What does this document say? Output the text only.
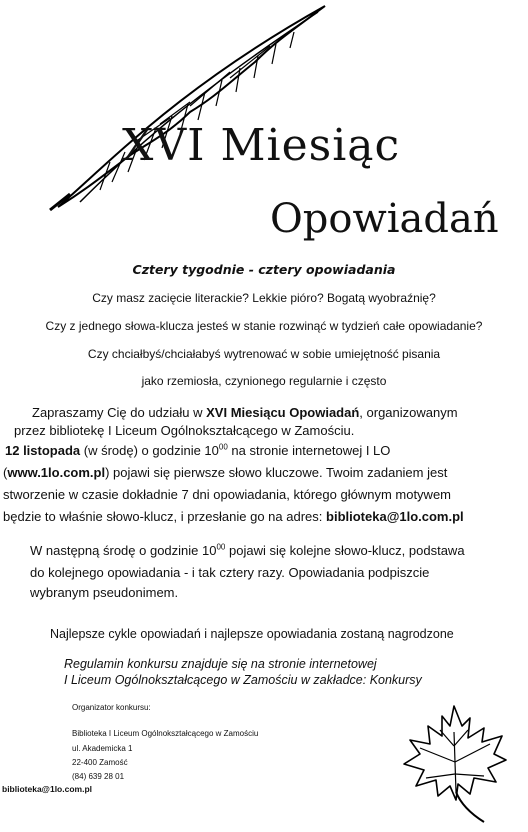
XVI Miesiąc
Opowiadań
Cztery tygodnie - cztery opowiadania
Czy masz zacięcie literackie? Lekkie pióro? Bogatą wyobraźnię?
Czy z jednego słowa-klucza jesteś w stanie rozwinąć w tydzień całe opowiadanie?
Czy chciałbyś/chciałabyś wytrenować w sobie umiejętność pisania
jako rzemiosła, czynionego regularnie i często
Zapraszamy Cię do udziału w XVI Miesiącu Opowiadań, organizowanym
przez bibliotekę I Liceum Ogólnokształcącego w Zamościu.
12 listopada (w środę) o godzinie $10^{00}$ na stronie internetowej I LO
(www.1lo.com.pl) pojawi się pierwsze słowo kluczowe. Twoim zadaniem jest
stworzenie w czasie dokładnie 7 dni opowiadania, którego głównym motywem
będzie to właśnie słowo-klucz, i przesłanie go na adres: biblioteka@1lo.com.pl
W następną środę o godzinie $10^{00}$ pojawi się kolejne słowo-klucz, podstawa
do kolejnego opowiadania - i tak cztery razy. Opowiadania podpiszcie
wybranym pseudonimem.
Najlepsze cykle opowiadań i najlepsze opowiadania zostaną nagrodzone
Regulamin konkursu znajduje się na stronie internetowej
I Liceum Ogólnokształcącego w Zamościu w zakładce: Konkursy
Organizator konkursu:
Biblioteka I Liceum Ogólnokształcącego w Zamościu
ul. Akademicka 1
22-400 Zamość
(84) 639 28 01
biblioteka@1lo.com.pl
